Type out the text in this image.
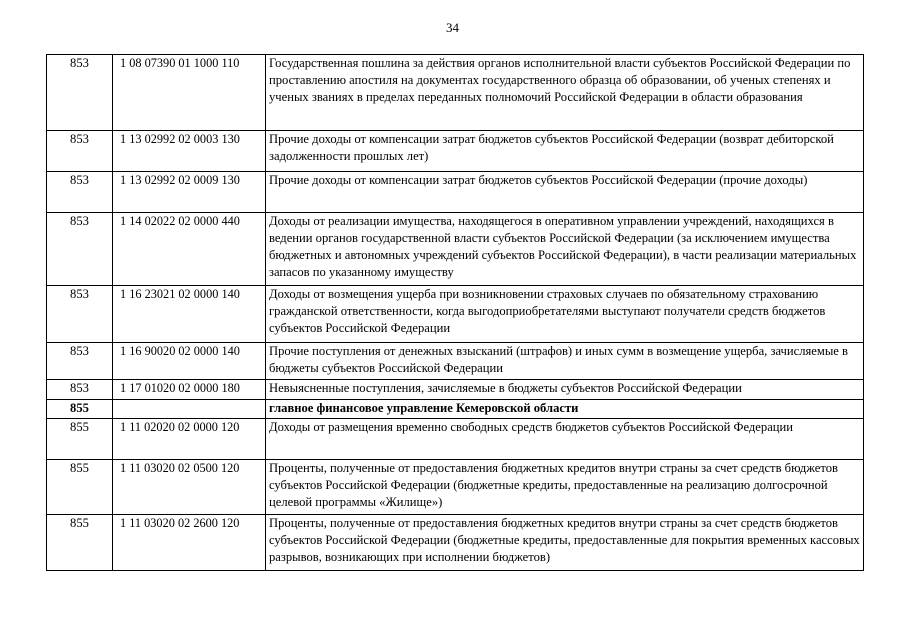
34
853	1 08 07390 01 1000 110	Государственная пошлина за действия органов исполнительной власти субъектов Российской Федерации по проставлению апостиля на документах государственного образца об образовании, об ученых степенях и ученых званиях в пределах переданных полномочий Российской Федерации в области образования
853	1 13 02992 02 0003 130	Прочие доходы от компенсации затрат бюджетов субъектов Российской Федерации (возврат дебиторской задолженности прошлых лет)
853	1 13 02992 02 0009 130	Прочие доходы от компенсации затрат бюджетов субъектов Российской Федерации (прочие доходы)
853	1 14 02022 02 0000 440	Доходы от реализации имущества, находящегося в оперативном управлении учреждений, находящихся в ведении органов государственной власти субъектов Российской Федерации (за исключением имущества бюджетных и автономных учреждений субъектов Российской Федерации), в части реализации материальных запасов по указанному имуществу
853	1 16 23021 02 0000 140	Доходы от возмещения ущерба при возникновении страховых случаев по обязательному страхованию гражданской ответственности, когда выгодоприобретателями выступают получатели средств бюджетов субъектов Российской Федерации
853	1 16 90020 02 0000 140	Прочие поступления от денежных взысканий (штрафов) и иных сумм в возмещение ущерба, зачисляемые в бюджеты субъектов Российской Федерации
853	1 17 01020 02 0000 180	Невыясненные поступления, зачисляемые в бюджеты субъектов Российской Федерации
855		главное финансовое управление Кемеровской области
855	1 11 02020 02 0000 120	Доходы от размещения временно свободных средств бюджетов субъектов Российской Федерации
855	1 11 03020 02 0500 120	Проценты, полученные от предоставления бюджетных кредитов внутри страны за счет средств бюджетов субъектов Российской Федерации (бюджетные кредиты, предоставленные на реализацию долгосрочной целевой программы «Жилище»)
855	1 11 03020 02 2600 120	Проценты, полученные от предоставления бюджетных кредитов внутри страны за счет средств бюджетов субъектов Российской Федерации (бюджетные кредиты, предоставленные для покрытия временных кассовых разрывов, возникающих при исполнении бюджетов)
